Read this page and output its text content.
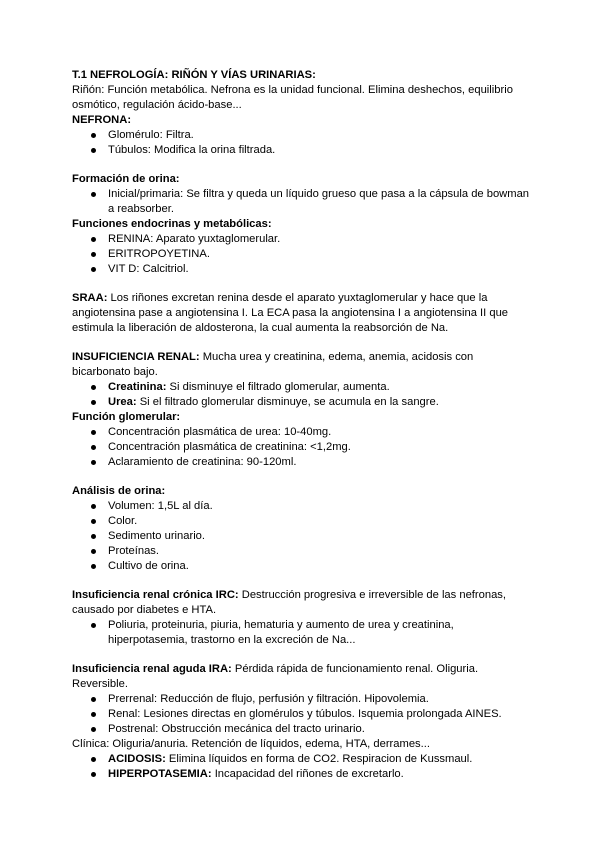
T.1 NEFROLOGÍA: RIÑÓN Y VÍAS URINARIAS:

Riñón: Función metabólica. Nefrona es la unidad funcional. Elimina deshechos, equilibrio osmótico, regulación ácido-base...

NEFRONA:

Glomérulo: Filtra.
Túbulos: Modifica la orina filtrada.

Formación de orina:

Inicial/primaria: Se filtra y queda un líquido grueso que pasa a la cápsula de bowman a reabsorber.

Funciones endocrinas y metabólicas:

RENINA: Aparato yuxtaglomerular.
ERITROPOYETINA.
VIT D: Calcitriol.

SRAA: Los riñones excretan renina desde el aparato yuxtaglomerular y hace que la angiotensina pase a angiotensina I. La ECA pasa la angiotensina I a angiotensina II que estimula la liberación de aldosterona, la cual aumenta la reabsorción de Na.

INSUFICIENCIA RENAL: Mucha urea y creatinina, edema, anemia, acidosis con bicarbonato bajo.

Creatinina: Si disminuye el filtrado glomerular, aumenta.
Urea: Si el filtrado glomerular disminuye, se acumula en la sangre.

Función glomerular:

Concentración plasmática de urea: 10-40mg.
Concentración plasmática de creatinina: <1,2mg.
Aclaramiento de creatinina: 90-120ml.

Análisis de orina:

Volumen: 1,5L al día.
Color.
Sedimento urinario.
Proteínas.
Cultivo de orina.

Insuficiencia renal crónica IRC: Destrucción progresiva e irreversible de las nefronas, causado por diabetes e HTA.

Poliuria, proteinuria, piuria, hematuria y aumento de urea y creatinina, hiperpotasemia, trastorno en la excreción de Na...

Insuficiencia renal aguda IRA: Pérdida rápida de funcionamiento renal. Oliguria. Reversible.

Prerrenal: Reducción de flujo, perfusión y filtración. Hipovolemia.
Renal: Lesiones directas en glomérulos y túbulos. Isquemia prolongada AINES.
Postrenal: Obstrucción mecánica del tracto urinario.

Clínica: Oliguria/anuria. Retención de líquidos, edema, HTA, derrames...

ACIDOSIS: Elimina líquidos en forma de CO2. Respiracion de Kussmaul.
HIPERPOTASEMIA: Incapacidad del riñones de excretarlo.
